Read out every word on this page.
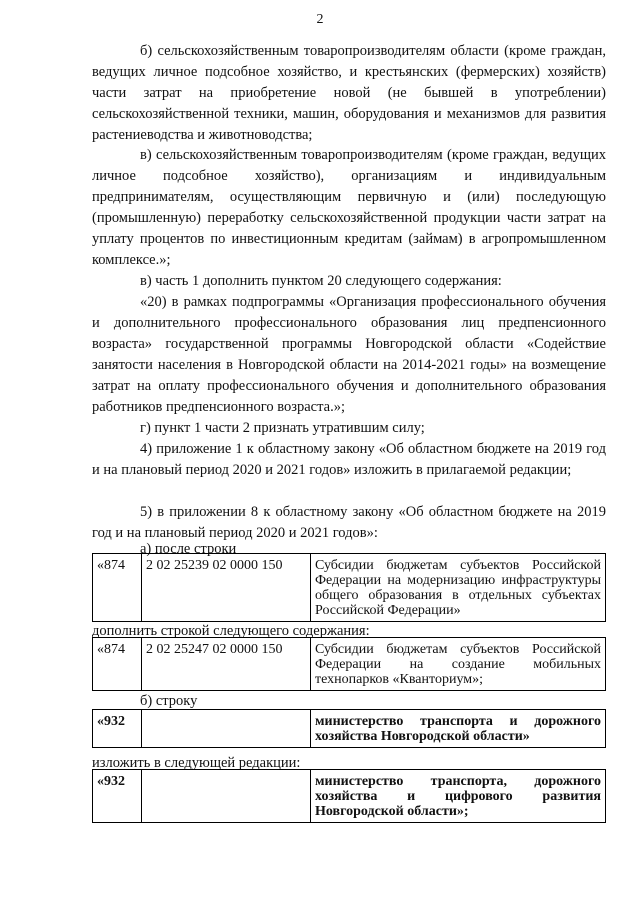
2

б) сельскохозяйственным товаропроизводителям области (кроме граждан, ведущих личное подсобное хозяйство, и крестьянских (фермерских) хозяйств) части затрат на приобретение новой (не бывшей в употреблении) сельскохозяйственной техники, машин, оборудования и механизмов для развития растениеводства и животноводства;

в) сельскохозяйственным товаропроизводителям (кроме граждан, ведущих личное подсобное хозяйство), организациям и индивидуальным предпринимателям, осуществляющим первичную и (или) последующую (промышленную) переработку сельскохозяйственной продукции части затрат на уплату процентов по инвестиционным кредитам (займам) в агропромышленном комплексе.»;

в) часть 1 дополнить пунктом 20 следующего содержания:

«20) в рамках подпрограммы «Организация профессионального обучения и дополнительного профессионального образования лиц предпенсионного возраста» государственной программы Новгородской области «Содействие занятости населения в Новгородской области на 2014-2021 годы» на возмещение затрат на оплату профессионального обучения и дополнительного образования работников предпенсионного возраста.»;

г) пункт 1 части 2 признать утратившим силу;

4) приложение 1 к областному закону «Об областном бюджете на 2019 год и на плановый период 2020 и 2021 годов» изложить в прилагаемой редакции;

5) в приложении 8 к областному закону «Об областном бюджете на 2019 год и на плановый период 2020 и 2021 годов»:

а) после строки

«874	2 02 25239 02 0000 150	Субсидии бюджетам субъектов Российской Федерации на модернизацию инфраструктуры общего образования в отдельных субъектах Российской Федерации»

дополнить строкой следующего содержания:

«874	2 02 25247 02 0000 150	Субсидии бюджетам субъектов Российской Федерации на создание мобильных технопарков «Кванториум»;

б) строку

«932		министерство транспорта и дорожного хозяйства Новгородской области»

изложить в следующей редакции:

«932		министерство транспорта, дорожного хозяйства и цифрового развития Новгородской области»;
